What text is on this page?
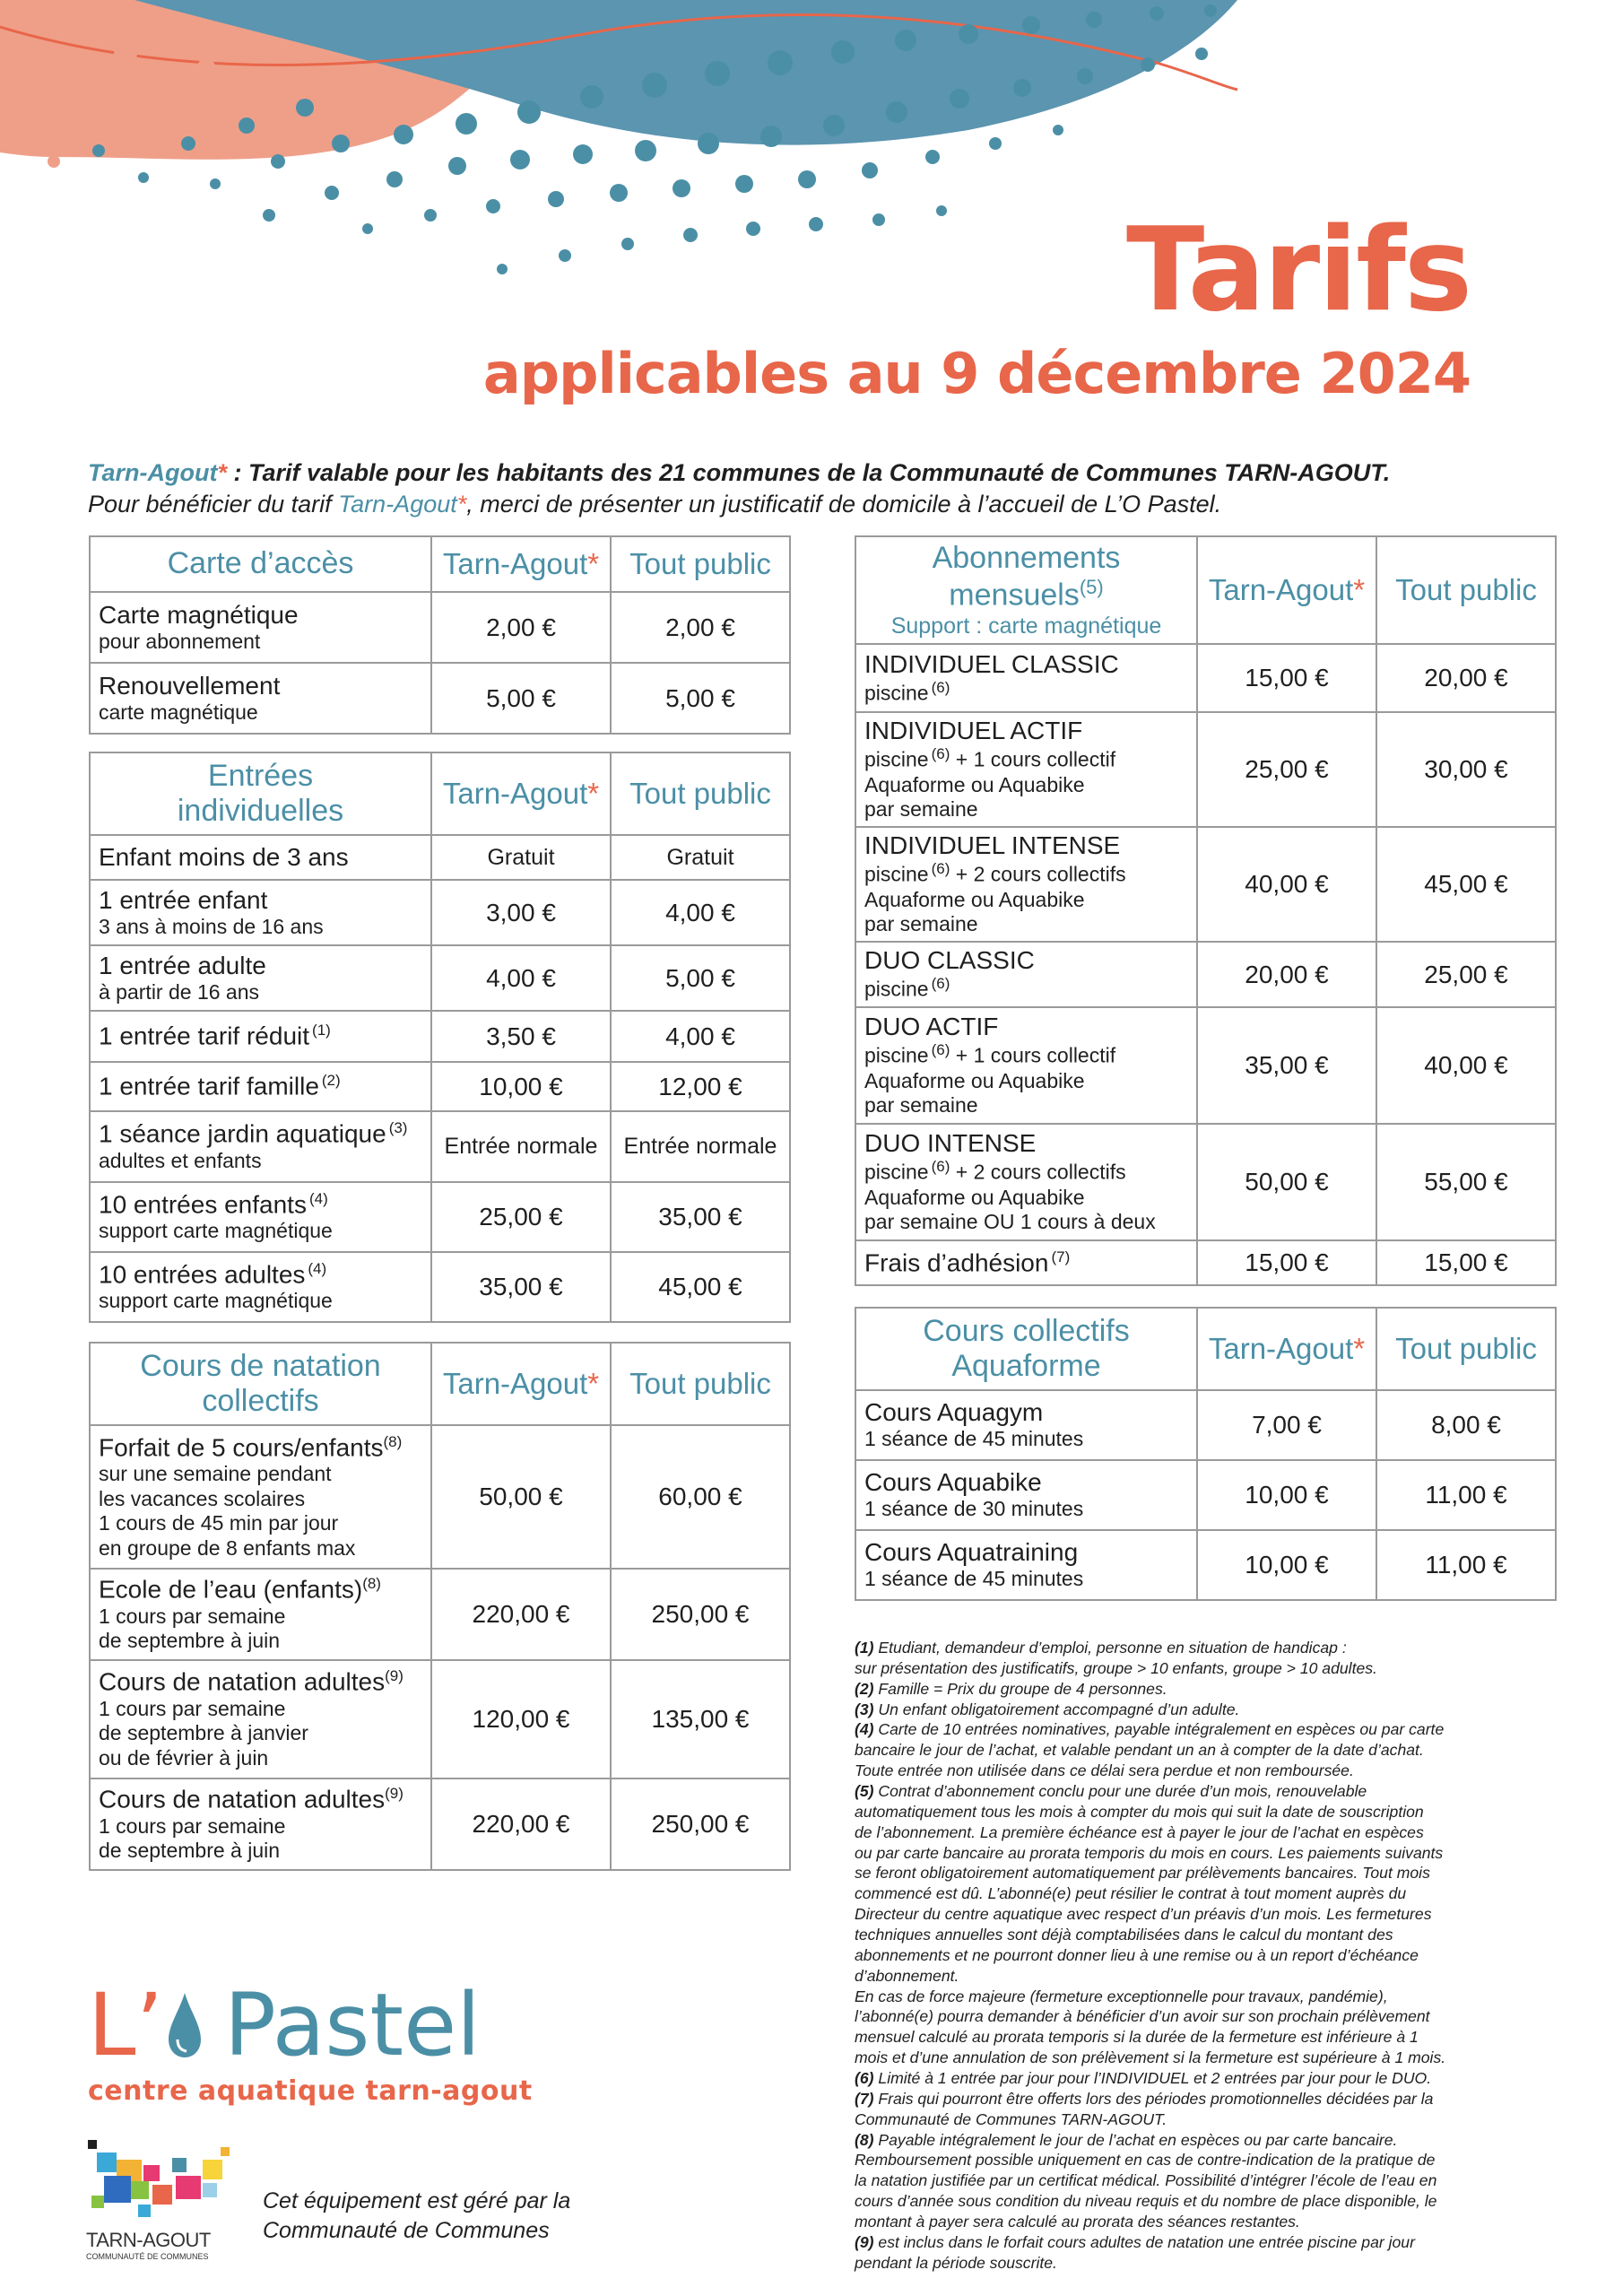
Tarifs
applicables au 9 décembre 2024
Tarn-Agout* : Tarif valable pour les habitants des 21 communes de la Communauté de Communes TARN-AGOUT.
Pour bénéficier du tarif Tarn-Agout*, merci de présenter un justificatif de domicile à l’accueil de L’O Pastel.
Carte d’accès	Tarn-Agout*	Tout public

Carte magnétique
pour abonnement	2,00 €	2,00 €

Renouvellement
carte magnétique	5,00 €	5,00 €
Entrées
individuelles	Tarn-Agout*	Tout public

Enfant moins de 3 ans	Gratuit	Gratuit

1 entrée enfant
3 ans à moins de 16 ans	3,00 €	4,00 €

1 entrée adulte
à partir de 16 ans	4,00 €	5,00 €

1 entrée tarif réduit $^{(1)}$	3,50 €	4,00 €

1 entrée tarif famille $^{(2)}$	10,00 €	12,00 €

1 séance jardin aquatique $^{(3)}$
adultes et enfants	Entrée normale	Entrée normale

10 entrées enfants $^{(4)}$
support carte magnétique	25,00 €	35,00 €

10 entrées adultes $^{(4)}$
support carte magnétique	35,00 €	45,00 €
Cours de natation
collectifs	Tarn-Agout*	Tout public

Forfait de 5 cours/enfants$^{(8)}$
sur une semaine pendant
les vacances scolaires
1 cours de 45 min par jour
en groupe de 8 enfants max	50,00 €	60,00 €

Ecole de l’eau (enfants)$^{(8)}$
1 cours par semaine
de septembre à juin	220,00 €	250,00 €

Cours de natation adultes$^{(9)}$
1 cours par semaine
de septembre à janvier
ou de février à juin	120,00 €	135,00 €

Cours de natation adultes$^{(9)}$
1 cours par semaine
de septembre à juin	220,00 €	250,00 €
Abonnements
mensuels$^{(5)}$
Support : carte magnétique	Tarn-Agout*	Tout public

INDIVIDUEL CLASSIC
piscine $^{(6)}$	15,00 €	20,00 €

INDIVIDUEL ACTIF
piscine $^{(6)}$ + 1 cours collectif
Aquaforme ou Aquabike
par semaine	25,00 €	30,00 €

INDIVIDUEL INTENSE
piscine $^{(6)}$ + 2 cours collectifs
Aquaforme ou Aquabike
par semaine	40,00 €	45,00 €

DUO CLASSIC
piscine $^{(6)}$	20,00 €	25,00 €

DUO ACTIF
piscine $^{(6)}$ + 1 cours collectif
Aquaforme ou Aquabike
par semaine	35,00 €	40,00 €

DUO INTENSE
piscine $^{(6)}$ + 2 cours collectifs
Aquaforme ou Aquabike
par semaine OU 1 cours à deux	50,00 €	55,00 €

Frais d’adhésion $^{(7)}$	15,00 €	15,00 €
Cours collectifs
Aquaforme	Tarn-Agout*	Tout public

Cours Aquagym
1 séance de 45 minutes	7,00 €	8,00 €

Cours Aquabike
1 séance de 30 minutes	10,00 €	11,00 €

Cours Aquatraining
1 séance de 45 minutes	10,00 €	11,00 €

(1) Etudiant, demandeur d’emploi, personne en situation de handicap :

sur présentation des justificatifs, groupe > 10 enfants, groupe > 10 adultes.

(2) Famille = Prix du groupe de 4 personnes.

(3) Un enfant obligatoirement accompagné d’un adulte.

(4) Carte de 10 entrées nominatives, payable intégralement en espèces ou par carte

bancaire le jour de l’achat, et valable pendant un an à compter de la date d’achat.

Toute entrée non utilisée dans ce délai sera perdue et non remboursée.

(5) Contrat d’abonnement conclu pour une durée d’un mois, renouvelable

automatiquement tous les mois à compter du mois qui suit la date de souscription

de l’abonnement. La première échéance est à payer le jour de l’achat en espèces

ou par carte bancaire au prorata temporis du mois en cours. Les paiements suivants

se feront obligatoirement automatiquement par prélèvements bancaires. Tout mois

commencé est dû. L’abonné(e) peut résilier le contrat à tout moment auprès du

Directeur du centre aquatique avec respect d’un préavis d’un mois. Les fermetures

techniques annuelles sont déjà comptabilisées dans le calcul du montant des

abonnements et ne pourront donner lieu à une remise ou à un report d’échéance

d’abonnement.

En cas de force majeure (fermeture exceptionnelle pour travaux, pandémie),

l’abonné(e) pourra demander à bénéficier d’un avoir sur son prochain prélèvement

mensuel calculé au prorata temporis si la durée de la fermeture est inférieure à 1

mois et d’une annulation de son prélèvement si la fermeture est supérieure à 1 mois.

(6) Limité à 1 entrée par jour pour l’INDIVIDUEL et 2 entrées par jour pour le DUO.

(7) Frais qui pourront être offerts lors des périodes promotionnelles décidées par la

Communauté de Communes TARN-AGOUT.

(8) Payable intégralement le jour de l’achat en espèces ou par carte bancaire.

Remboursement possible uniquement en cas de contre-indication de la pratique de

la natation justifiée par un certificat médical. Possibilité d’intégrer l’école de l’eau en

cours d’année sous condition du niveau requis et du nombre de place disponible, le

montant à payer sera calculé au prorata des séances restantes.

(9) est inclus dans le forfait cours adultes de natation une entrée piscine par jour

pendant la période souscrite.

L’ Pastel
centre aquatique tarn-agout
TARN-AGOUT
COMMUNAUTÉ DE COMMUNES
Cet équipement est géré par la
Communauté de Communes
